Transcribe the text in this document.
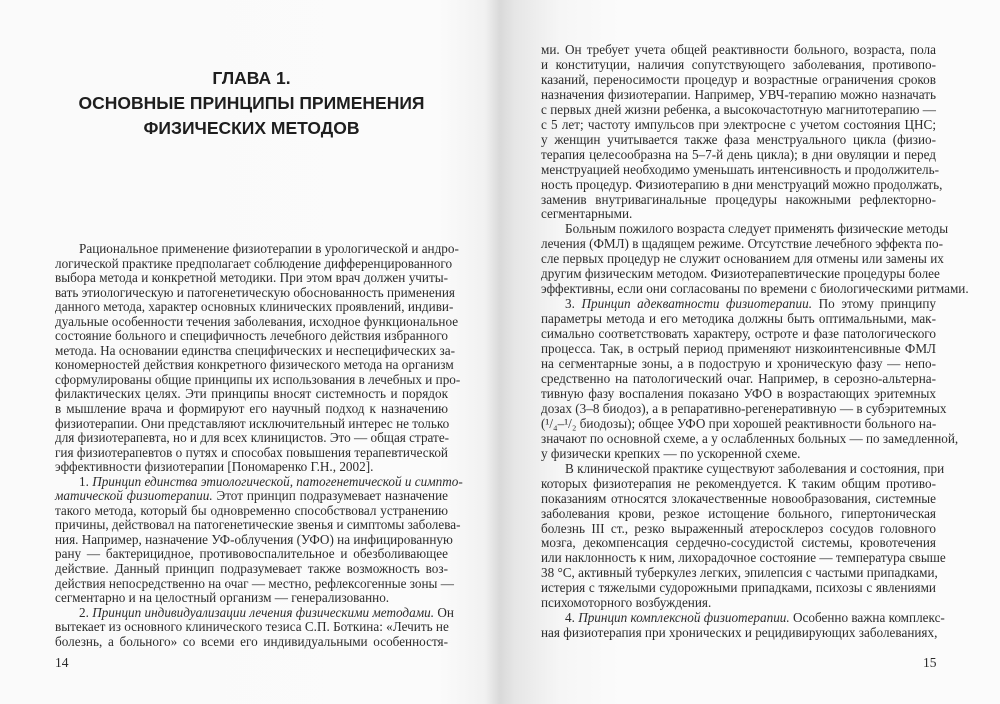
ГЛАВА 1.
ОСНОВНЫЕ ПРИНЦИПЫ ПРИМЕНЕНИЯ
ФИЗИЧЕСКИХ МЕТОДОВ
Рациональное применение физиотерапии в урологической и андро-
логической практике предполагает соблюдение дифференцированного
выбора метода и конкретной методики. При этом врач должен учиты-
вать этиологическую и патогенетическую обоснованность применения
данного метода, характер основных клинических проявлений, индиви-
дуальные особенности течения заболевания, исходное функциональное
состояние больного и специфичность лечебного действия избранного
метода. На основании единства специфических и неспецифических за-
кономерностей действия конкретного физического метода на организм
сформулированы общие принципы их использования в лечебных и про-
филактических целях. Эти принципы вносят системность и порядок
в мышление врача и формируют его научный подход к назначению
физиотерапии. Они представляют исключительный интерес не только
для физиотерапевта, но и для всех клиницистов. Это — общая страте-
гия физиотерапевтов о путях и способах повышения терапевтической
эффективности физиотерапии [Пономаренко Г.Н., 2002].
1. Принцип единства этиологической, патогенетической и симпто-
матической физиотерапии. Этот принцип подразумевает назначение
такого метода, который бы одновременно способствовал устранению
причины, действовал на патогенетические звенья и симптомы заболева-
ния. Например, назначение УФ-облучения (УФО) на инфицированную
рану — бактерицидное, противовоспалительное и обезболивающее
действие. Данный принцип подразумевает также возможность воз-
действия непосредственно на очаг — местно, рефлексогенные зоны —
сегментарно и на целостный организм — генерализованно.
2. Принцип индивидуализации лечения физическими методами. Он
вытекает из основного клинического тезиса С.П. Боткина: «Лечить не
болезнь, а больного» со всеми его индивидуальными особенностя-
14
ми. Он требует учета общей реактивности больного, возраста, пола
и конституции, наличия сопутствующего заболевания, противопо-
казаний, переносимости процедур и возрастные ограничения сроков
назначения физиотерапии. Например, УВЧ-терапию можно назначать
с первых дней жизни ребенка, а высокочастотную магнитотерапию —
с 5 лет; частоту импульсов при электросне с учетом состояния ЦНС;
у женщин учитывается также фаза менструального цикла (физио-
терапия целесообразна на 5–7-й день цикла); в дни овуляции и перед
менструацией необходимо уменьшать интенсивность и продолжитель-
ность процедур. Физиотерапию в дни менструаций можно продолжать,
заменив внутривагинальные процедуры накожными рефлекторно-
сегментарными.
Больным пожилого возраста следует применять физические методы
лечения (ФМЛ) в щадящем режиме. Отсутствие лечебного эффекта по-
сле первых процедур не служит основанием для отмены или замены их
другим физическим методом. Физиотерапевтические процедуры более
эффективны, если они согласованы по времени с биологическими ритмами.
3. Принцип адекватности физиотерапии. По этому принципу
параметры метода и его методика должны быть оптимальными, мак-
симально соответствовать характеру, остроте и фазе патологического
процесса. Так, в острый период применяют низкоинтенсивные ФМЛ
на сегментарные зоны, а в подострую и хроническую фазу — непо-
средственно на патологический очаг. Например, в серозно-альтерна-
тивную фазу воспаления показано УФО в возрастающих эритемных
дозах (3–8 биодоз), а в репаративно-регенеративную — в субэритемных
(¹/₄–¹/₂ биодозы); общее УФО при хорошей реактивности больного на-
значают по основной схеме, а у ослабленных больных — по замедленной,
у физически крепких — по ускоренной схеме.
В клинической практике существуют заболевания и состояния, при
которых физиотерапия не рекомендуется. К таким общим противо-
показаниям относятся злокачественные новообразования, системные
заболевания крови, резкое истощение больного, гипертоническая
болезнь III ст., резко выраженный атеросклероз сосудов головного
мозга, декомпенсация сердечно-сосудистой системы, кровотечения
или наклонность к ним, лихорадочное состояние — температура свыше
38 °C, активный туберкулез легких, эпилепсия с частыми припадками,
истерия с тяжелыми судорожными припадками, психозы с явлениями
психомоторного возбуждения.
4. Принцип комплексной физиотерапии. Особенно важна комплекс-
ная физиотерапия при хронических и рецидивирующих заболеваниях,
15
